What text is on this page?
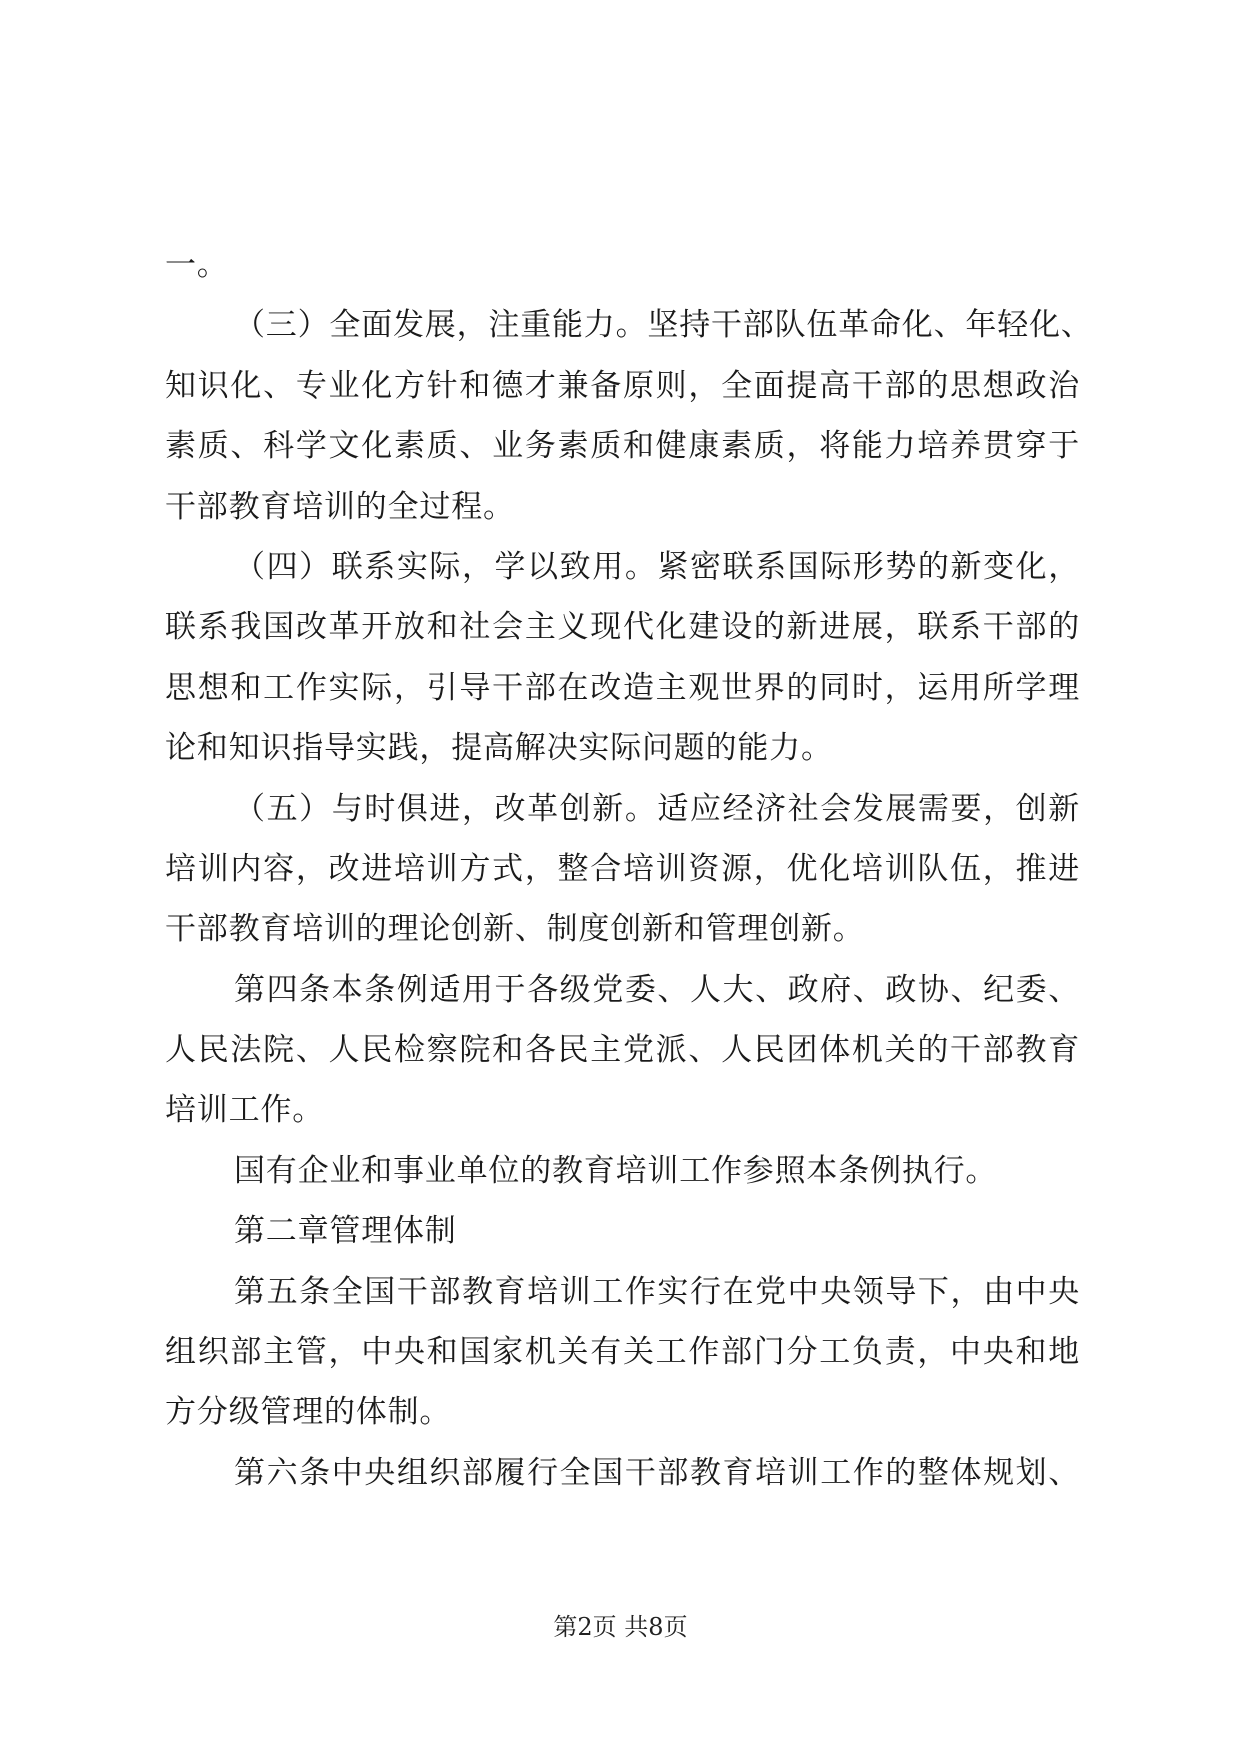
一。
（三）全面发展，注重能力。坚持干部队伍革命化、年轻化、
知识化、专业化方针和德才兼备原则，全面提高干部的思想政治
素质、科学文化素质、业务素质和健康素质，将能力培养贯穿于
干部教育培训的全过程。
（四）联系实际，学以致用。紧密联系国际形势的新变化，
联系我国改革开放和社会主义现代化建设的新进展，联系干部的
思想和工作实际，引导干部在改造主观世界的同时，运用所学理
论和知识指导实践，提高解决实际问题的能力。
（五）与时俱进，改革创新。适应经济社会发展需要，创新
培训内容，改进培训方式，整合培训资源，优化培训队伍，推进
干部教育培训的理论创新、制度创新和管理创新。
第四条本条例适用于各级党委、人大、政府、政协、纪委、
人民法院、人民检察院和各民主党派、人民团体机关的干部教育
培训工作。
国有企业和事业单位的教育培训工作参照本条例执行。
第二章管理体制
第五条全国干部教育培训工作实行在党中央领导下，由中央
组织部主管，中央和国家机关有关工作部门分工负责，中央和地
方分级管理的体制。
第六条中央组织部履行全国干部教育培训工作的整体规划、
第2页 共8页
